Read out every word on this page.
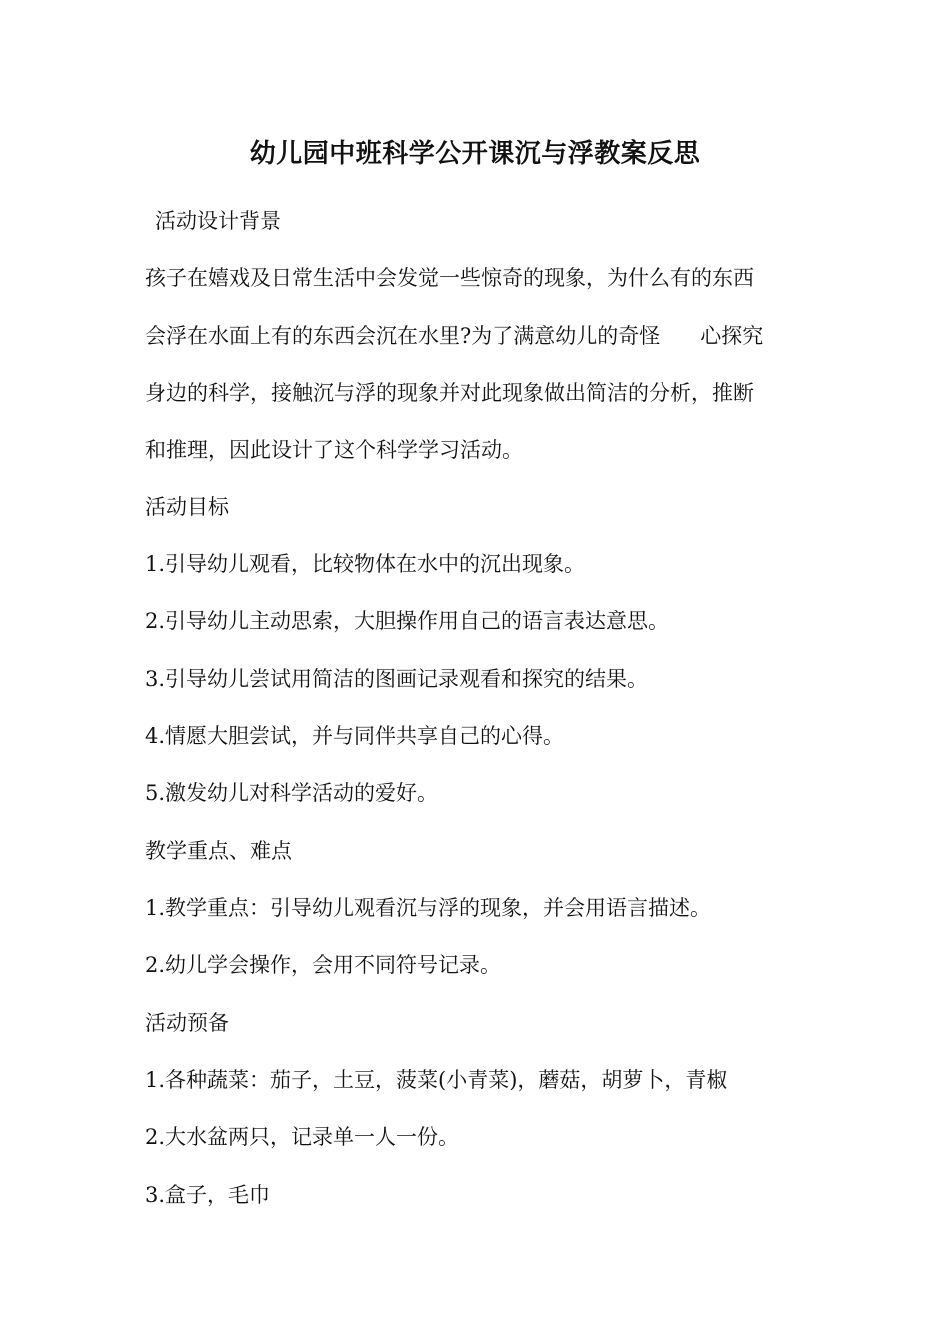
幼儿园中班科学公开课沉与浮教案反思
活动设计背景
孩子在嬉戏及日常生活中会发觉一些惊奇的现象，为什么有的东西
会浮在水面上有的东西会沉在水里?为了满意幼儿的奇怪 心探究
身边的科学，接触沉与浮的现象并对此现象做出简洁的分析，推断
和推理，因此设计了这个科学学习活动。
活动目标
1.引导幼儿观看，比较物体在水中的沉出现象。
2.引导幼儿主动思索，大胆操作用自己的语言表达意思。
3.引导幼儿尝试用简洁的图画记录观看和探究的结果。
4.情愿大胆尝试，并与同伴共享自己的心得。
5.激发幼儿对科学活动的爱好。
教学重点、难点
1.教学重点：引导幼儿观看沉与浮的现象，并会用语言描述。
2.幼儿学会操作，会用不同符号记录。
活动预备
1.各种蔬菜：茄子，土豆，菠菜(小青菜)，蘑菇，胡萝卜，青椒
2.大水盆两只，记录单一人一份。
3.盒子，毛巾
